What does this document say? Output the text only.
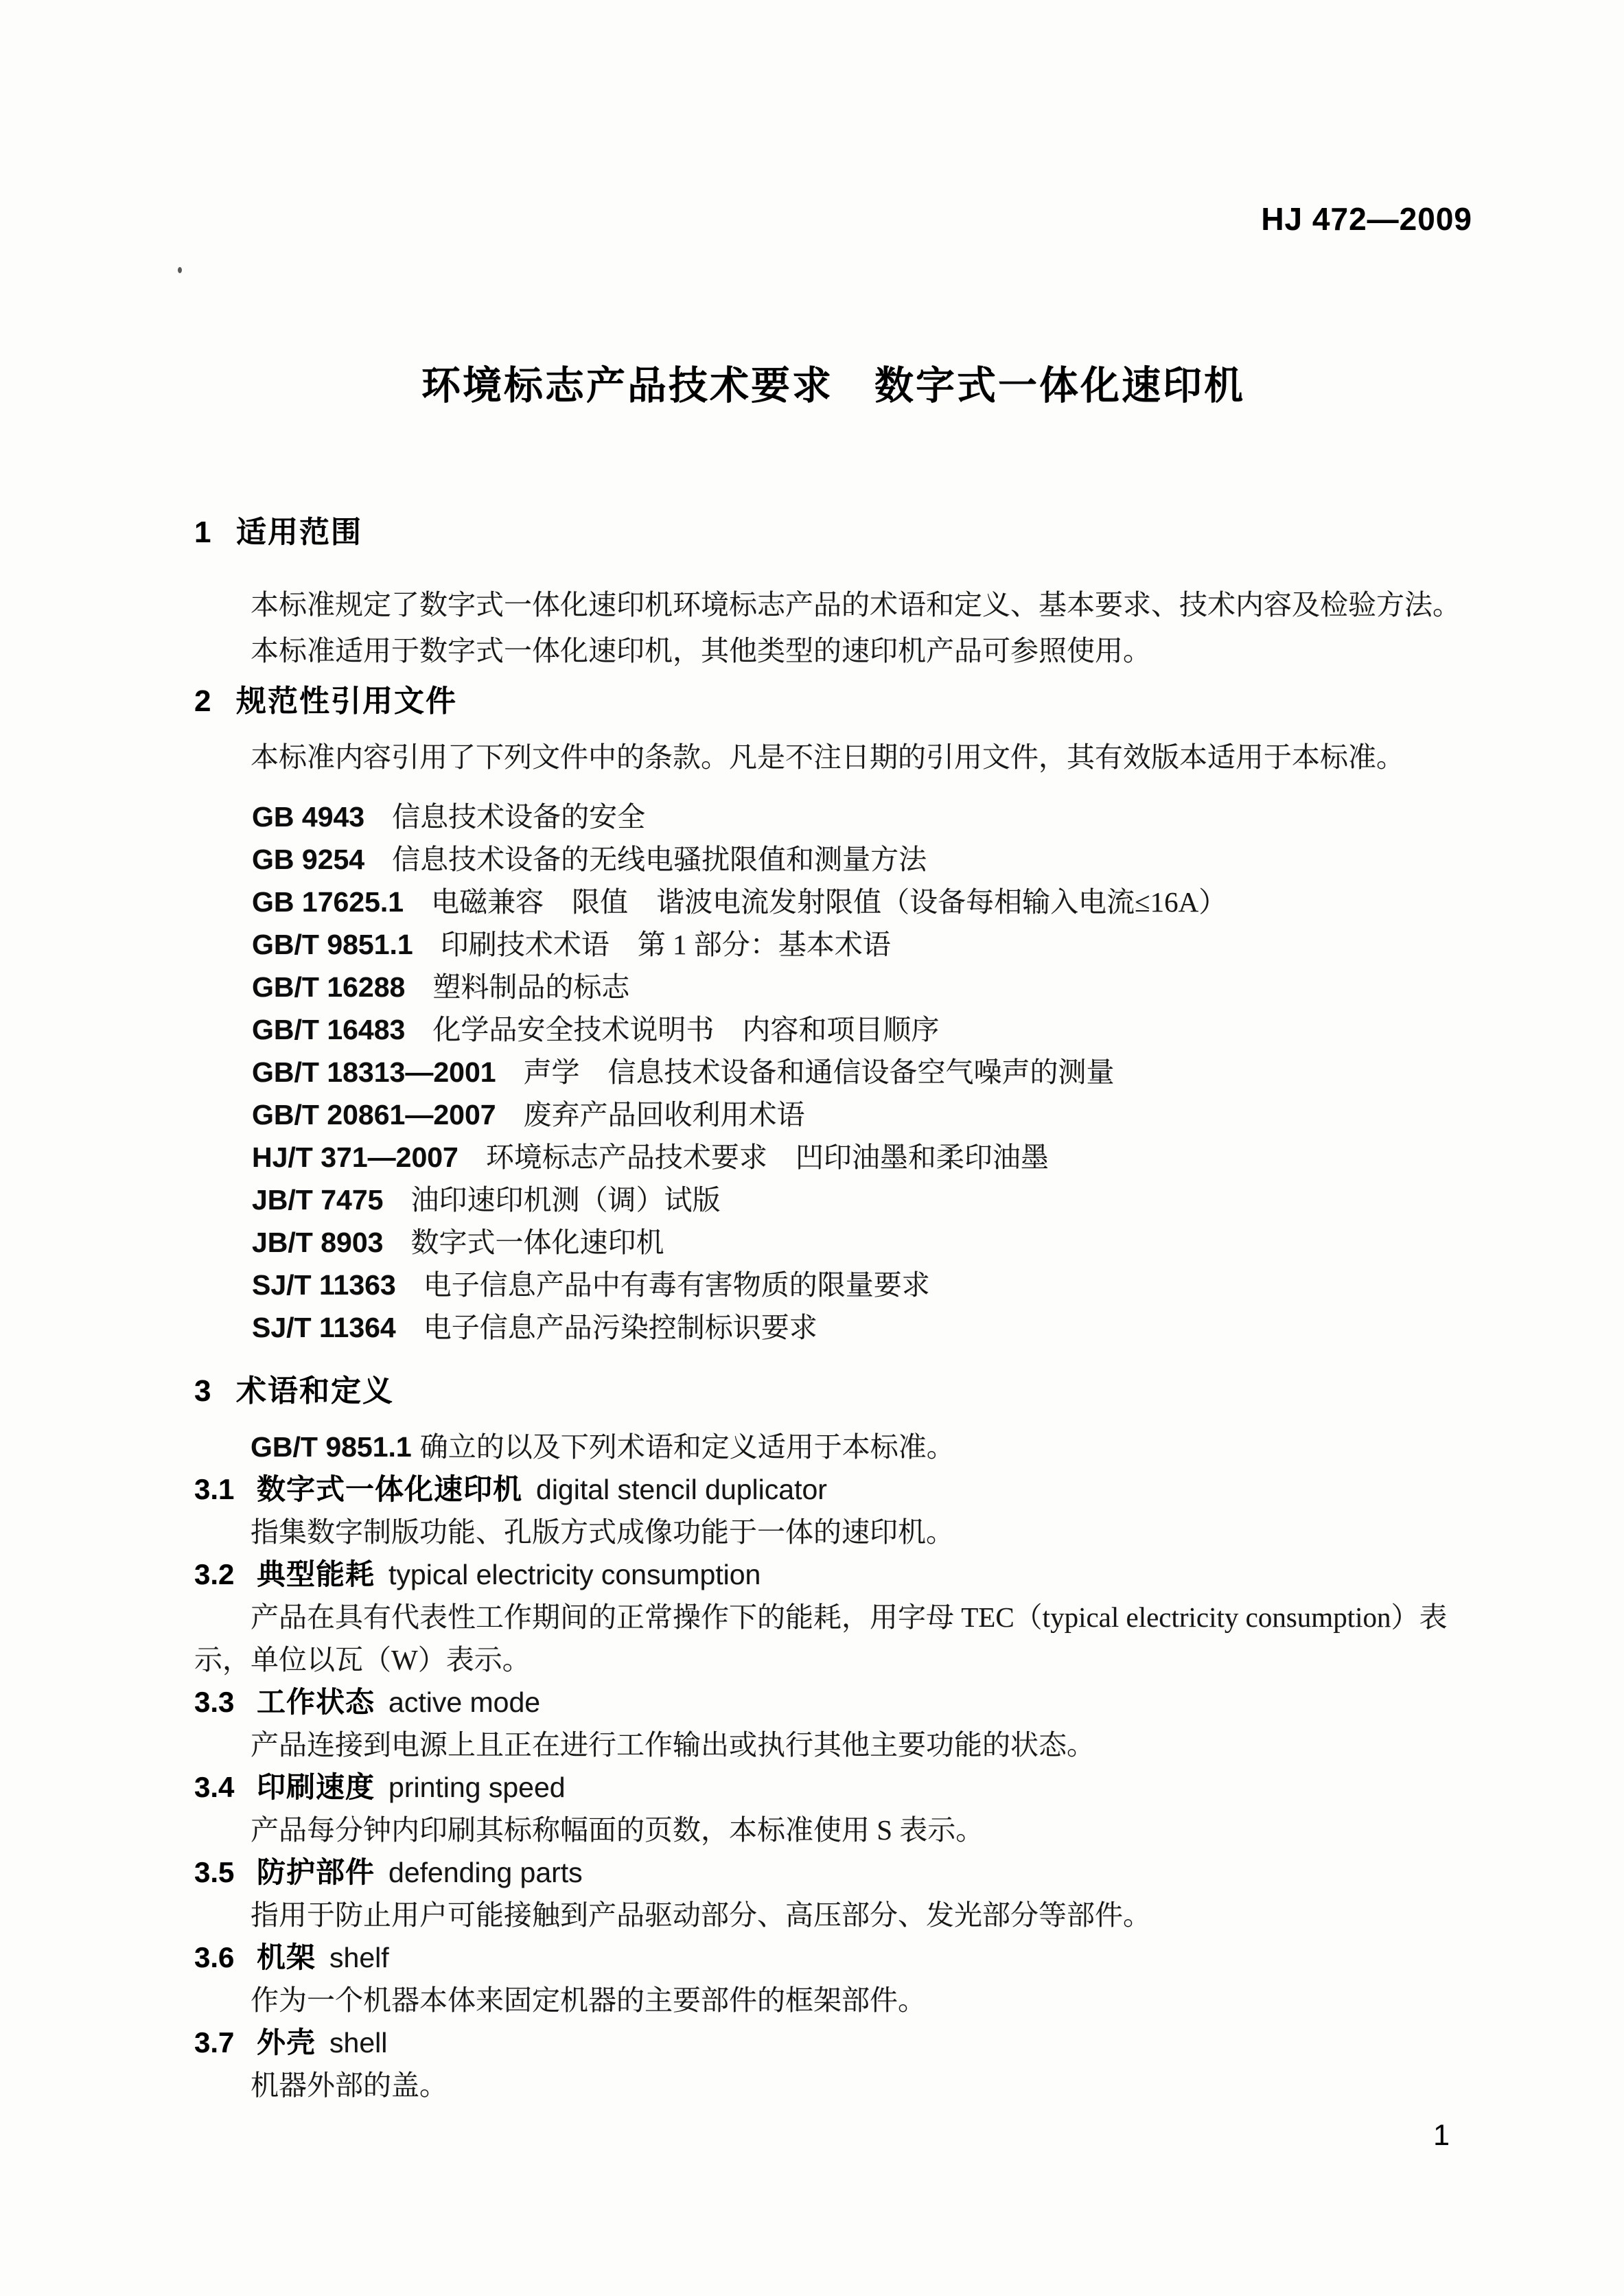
HJ 472—2009
环境标志产品技术要求　数字式一体化速印机
1 适用范围

本标准规定了数字式一体化速印机环境标志产品的术语和定义、基本要求、技术内容及检验方法。

本标准适用于数字式一体化速印机，其他类型的速印机产品可参照使用。

2 规范性引用文件

本标准内容引用了下列文件中的条款。凡是不注日期的引用文件，其有效版本适用于本标准。

GB 4943 信息技术设备的安全
GB 9254 信息技术设备的无线电骚扰限值和测量方法
GB 17625.1 电磁兼容　限值　谐波电流发射限值（设备每相输入电流≤16A）
GB/T 9851.1 印刷技术术语　第 1 部分：基本术语
GB/T 16288 塑料制品的标志
GB/T 16483 化学品安全技术说明书　内容和项目顺序
GB/T 18313—2001 声学　信息技术设备和通信设备空气噪声的测量
GB/T 20861—2007 废弃产品回收利用术语
HJ/T 371—2007 环境标志产品技术要求　凹印油墨和柔印油墨
JB/T 7475 油印速印机测（调）试版
JB/T 8903 数字式一体化速印机
SJ/T 11363 电子信息产品中有毒有害物质的限量要求
SJ/T 11364 电子信息产品污染控制标识要求
3 术语和定义

GB/T 9851.1 确立的以及下列术语和定义适用于本标准。

3.1 数字式一体化速印机 digital stencil duplicator

指集数字制版功能、孔版方式成像功能于一体的速印机。

3.2 典型能耗 typical electricity consumption

产品在具有代表性工作期间的正常操作下的能耗，用字母 TEC（typical electricity consumption）表示，单位以瓦（W）表示。

3.3 工作状态 active mode

产品连接到电源上且正在进行工作输出或执行其他主要功能的状态。

3.4 印刷速度 printing speed

产品每分钟内印刷其标称幅面的页数，本标准使用 S 表示。

3.5 防护部件 defending parts

指用于防止用户可能接触到产品驱动部分、高压部分、发光部分等部件。

3.6 机架 shelf

作为一个机器本体来固定机器的主要部件的框架部件。

3.7 外壳 shell

机器外部的盖。

1
